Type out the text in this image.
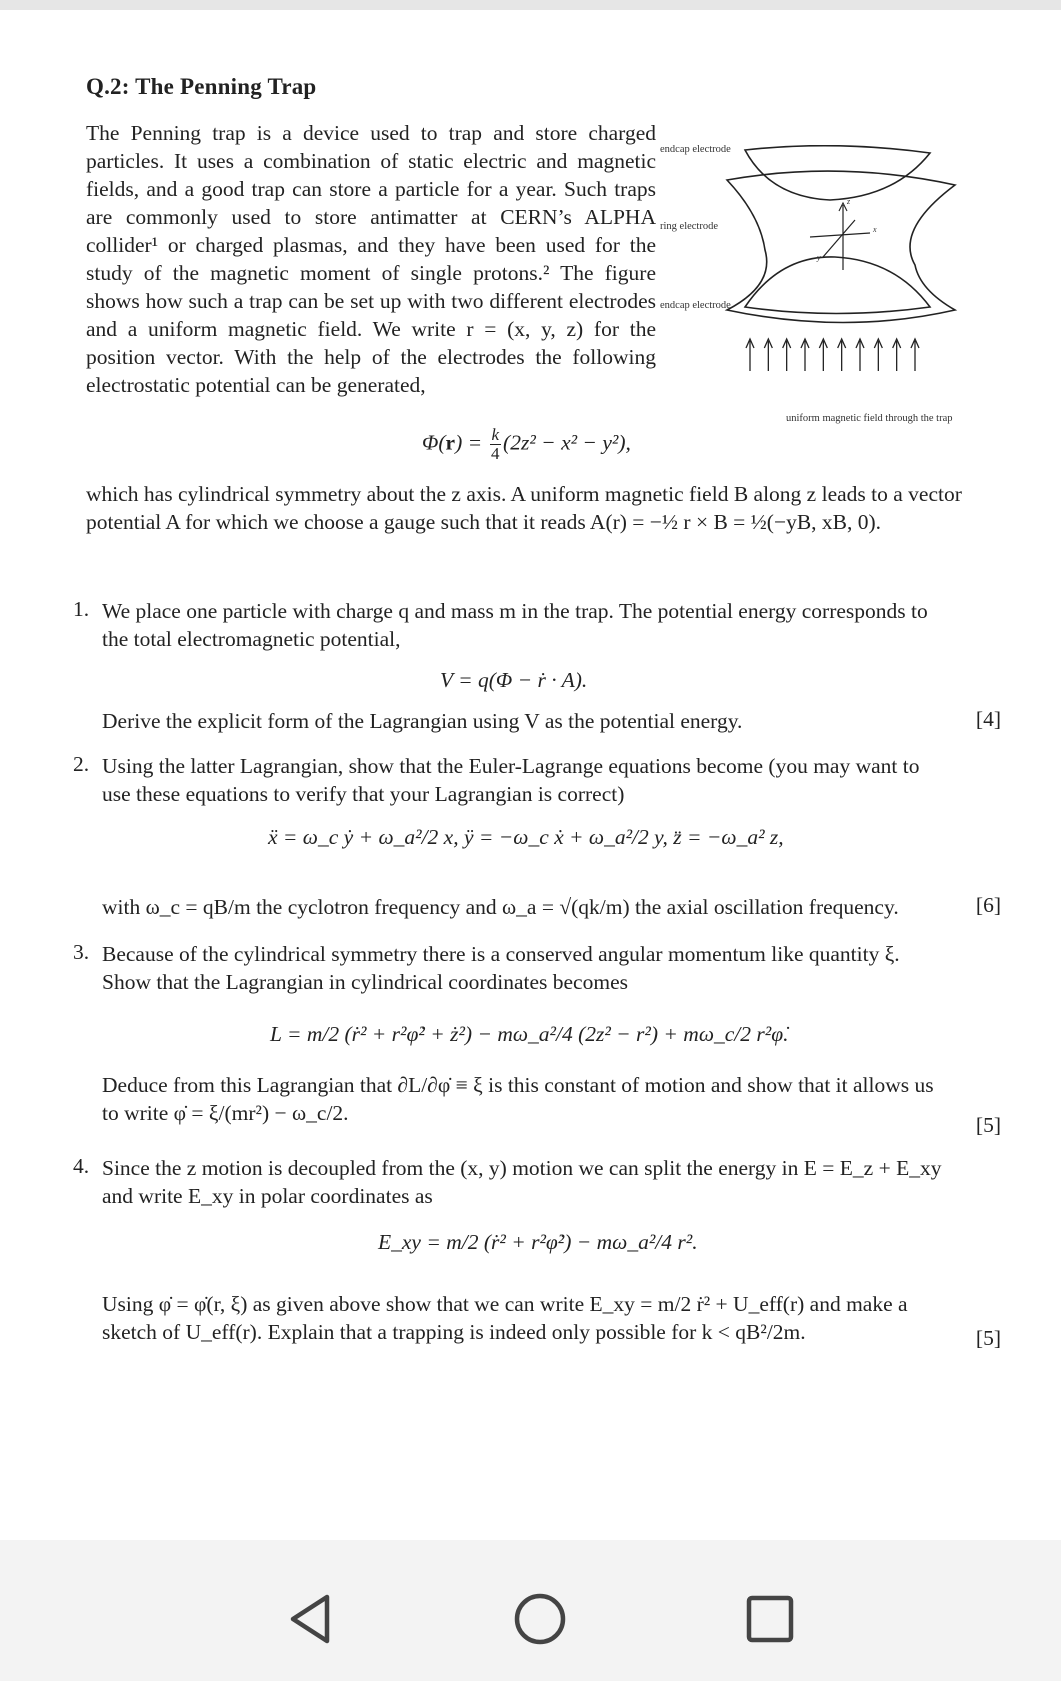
Q.2: The Penning Trap

The Penning trap is a device used to trap and store charged particles. It uses a combination of static electric and magnetic fields, and a good trap can store a particle for a year. Such traps are commonly used to store antimatter at CERN’s ALPHA collider¹ or charged plasmas, and they have been used for the study of the magnetic moment of single protons.² The figure shows how such a trap can be set up with two different electrodes and a uniform magnetic field. We write r = (x, y, z) for the position vector. With the help of the electrodes the following electrostatic potential can be generated,

endcap electrode
ring electrode
endcap electrode
uniform magnetic field through the trap
z
x
y
$\Phi(r) = \frac{k}{4} (2z^2 - x^2 - y^2)$,

which has cylindrical symmetry about the z axis. A uniform magnetic field B along z leads to a vector potential A for which we choose a gauge such that it reads A(r) = −½ r × B = ½(−yB, xB, 0).

1. We place one particle with charge q and mass m in the trap. The potential energy corresponds to the total electromagnetic potential,

V = q(Φ − ṙ · A).

Derive the explicit form of the Lagrangian using V as the potential energy.	[4]
2. Using the latter Lagrangian, show that the Euler-Lagrange equations become (you may want to use these equations to verify that your Lagrangian is correct)

ẍ = ω_c ẏ + ω_a²/2 x, ÿ = −ω_c ẋ + ω_a²/2 y, z̈ = −ω_a² z,

with ω_c = qB/m the cyclotron frequency and ω_a = √(qk/m) the axial oscillation frequency.	[6]
3. Because of the cylindrical symmetry there is a conserved angular momentum like quantity ξ. Show that the Lagrangian in cylindrical coordinates becomes

L = m/2 (ṙ² + r²φ̇² + ż²) − mω_a²/4 (2z² − r²) + mω_c/2 r²φ̇.

Deduce from this Lagrangian that ∂L/∂φ̇ ≡ ξ is this constant of motion and show that it allows us to write φ̇ = ξ/(mr²) − ω_c/2.	[5]
4. Since the z motion is decoupled from the (x, y) motion we can split the energy in E = E_z + E_xy and write E_xy in polar coordinates as

E_xy = m/2 (ṙ² + r²φ̇²) − mω_a²/4 r².

Using φ̇ = φ̇(r, ξ) as given above show that we can write E_xy = m/2 ṙ² + U_eff(r) and make a sketch of U_eff(r). Explain that a trapping is indeed only possible for k < qB²/2m.	[5]
